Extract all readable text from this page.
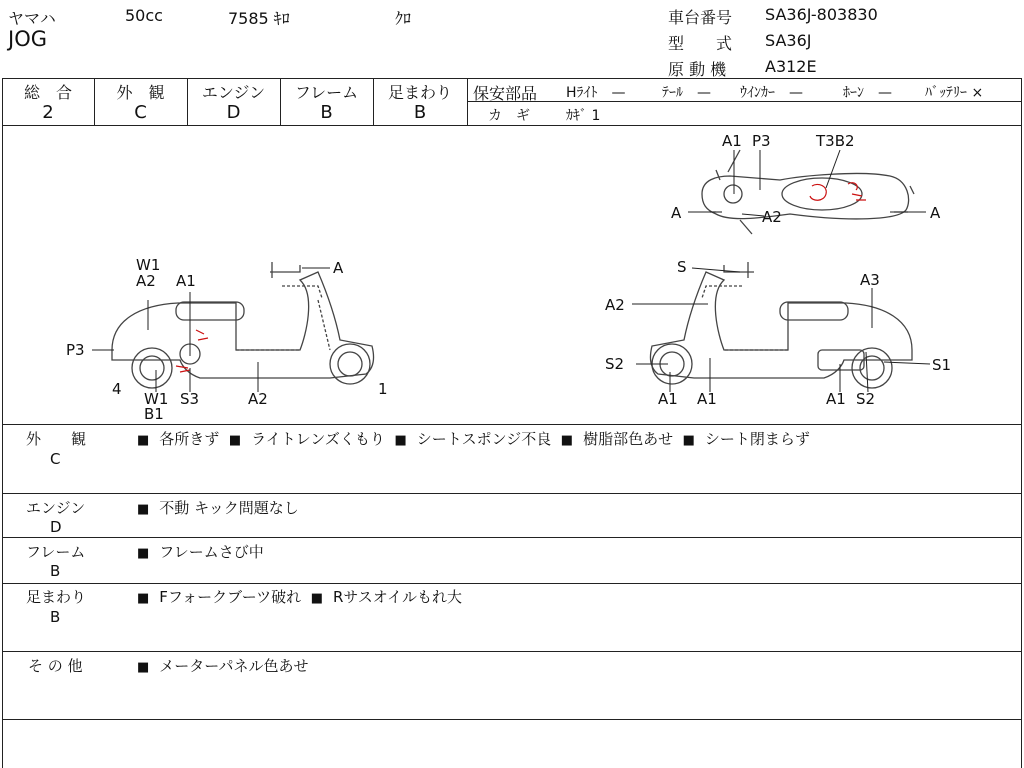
ヤマハ	50cc	7585 ｷﾛ	ｸﾛ
JOG
車台番号 SA36J-803830
型　　式 SA36J
原 動 機 A312E
総　合
2
外　観
C
エンジン
D
フレーム
B
足まわり
B
保安部品 Hﾗｲﾄ　—	ﾃｰﾙ　— ｳｲﾝｶｰ　—	ﾎｰﾝ　— ﾊﾞｯﾃﾘｰ ×
カ　ギ	ｶｷﾞ 1
W1
A2 A1
A
P3
4
W1
B1
S3	A2
1
A1 P3	T3B2
A	A2	A
S
A2
A3
S2	S1
A1 A1	A1 S2
外　　観
C
■ 各所きず ■ ライトレンズくもり ■ シートスポンジ不良 ■ 樹脂部色あせ ■ シート閉まらず
エンジン
D
■ 不動 キック問題なし
フレーム
B
■ フレームさび中
足まわり
B
■ Fフォークブーツ破れ ■ Rサスオイルもれ大
そ の 他	■ メーターパネル色あせ
